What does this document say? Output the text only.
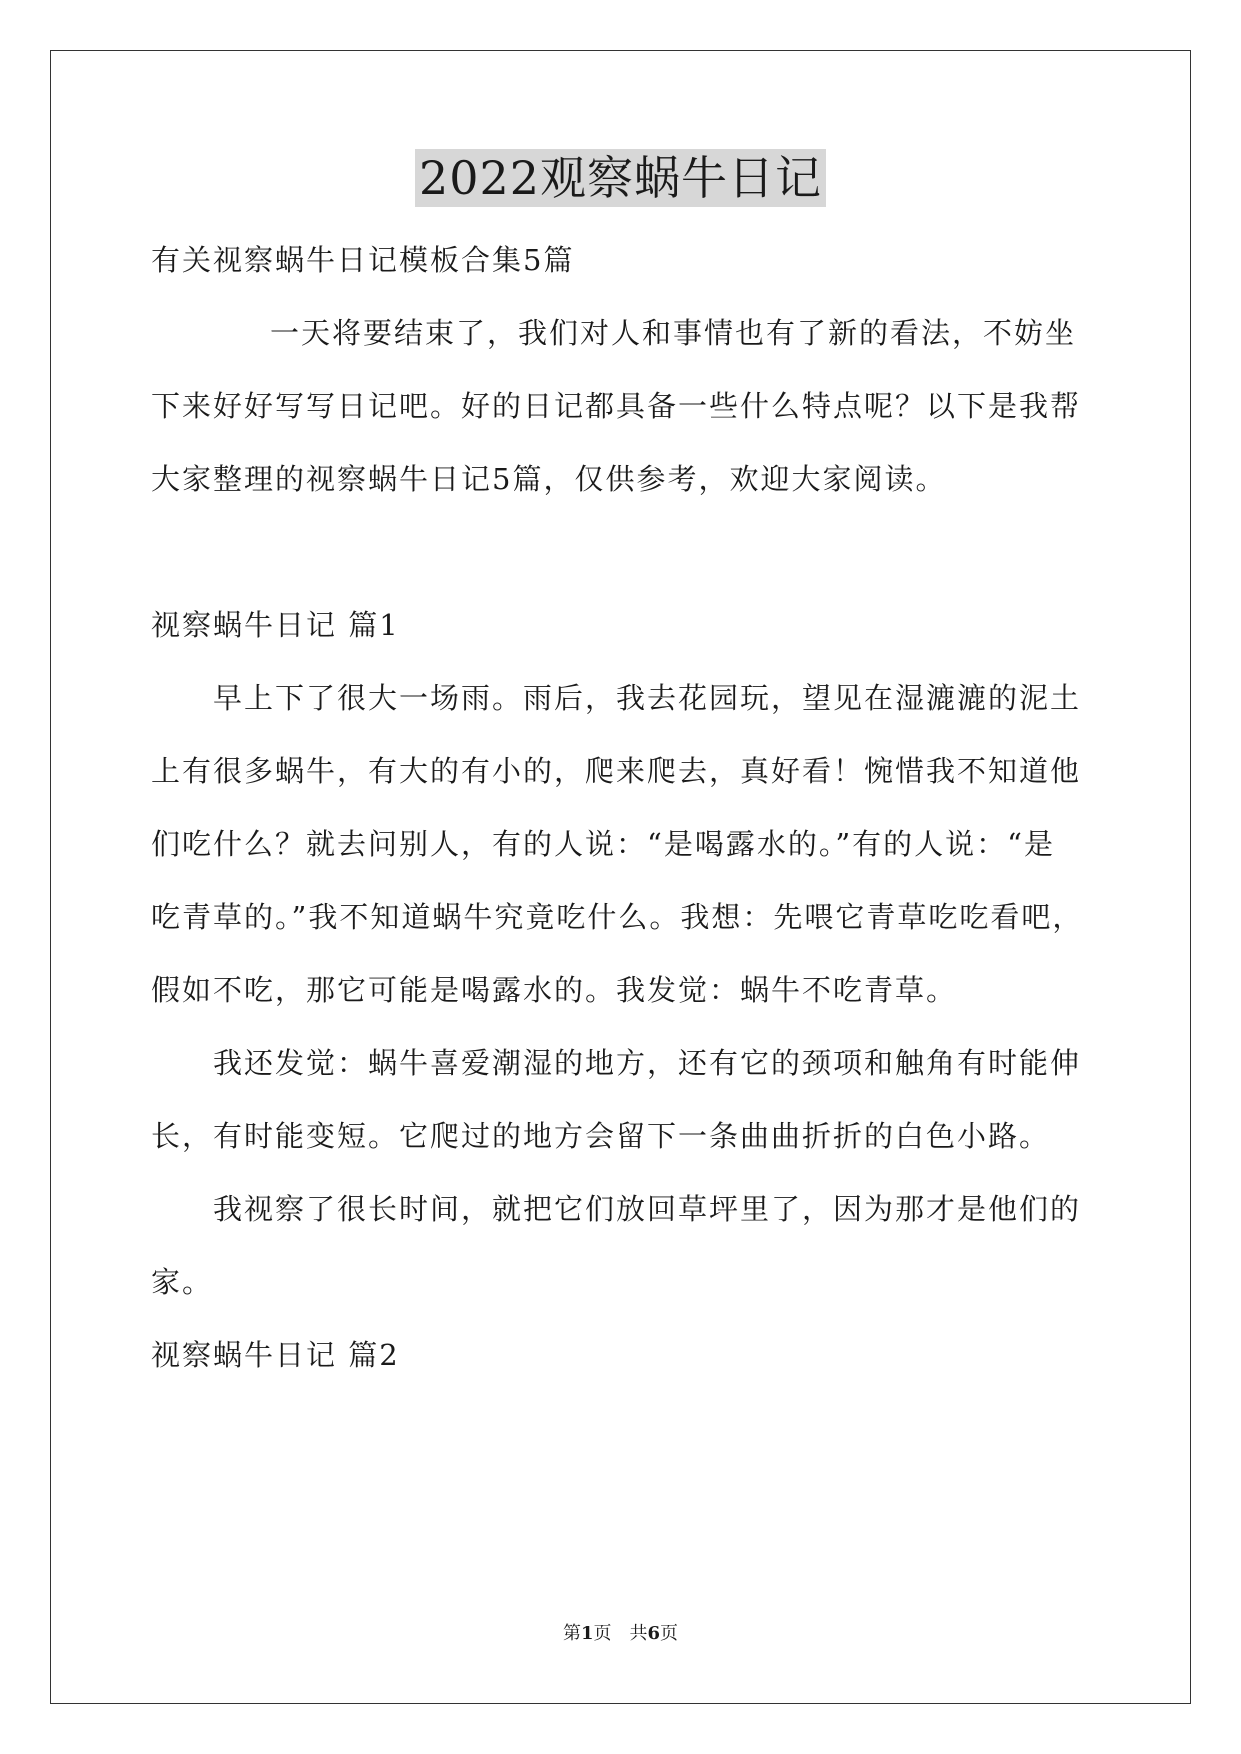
2022观察蜗牛日记
有关视察蜗牛日记模板合集5篇
一天将要结束了，我们对人和事情也有了新的看法，不妨坐
下来好好写写日记吧。好的日记都具备一些什么特点呢？以下是我帮
大家整理的视察蜗牛日记5篇，仅供参考，欢迎大家阅读。
视察蜗牛日记 篇1
早上下了很大一场雨。雨后，我去花园玩，望见在湿漉漉的泥土
上有很多蜗牛，有大的有小的，爬来爬去，真好看！惋惜我不知道他
们吃什么？就去问别人，有的人说：“是喝露水的。”有的人说：“是
吃青草的。”我不知道蜗牛究竟吃什么。我想：先喂它青草吃吃看吧，
假如不吃，那它可能是喝露水的。我发觉：蜗牛不吃青草。
我还发觉：蜗牛喜爱潮湿的地方，还有它的颈项和触角有时能伸
长，有时能变短。它爬过的地方会留下一条曲曲折折的白色小路。
我视察了很长时间，就把它们放回草坪里了，因为那才是他们的
家。
视察蜗牛日记 篇2
第1页　共6页
